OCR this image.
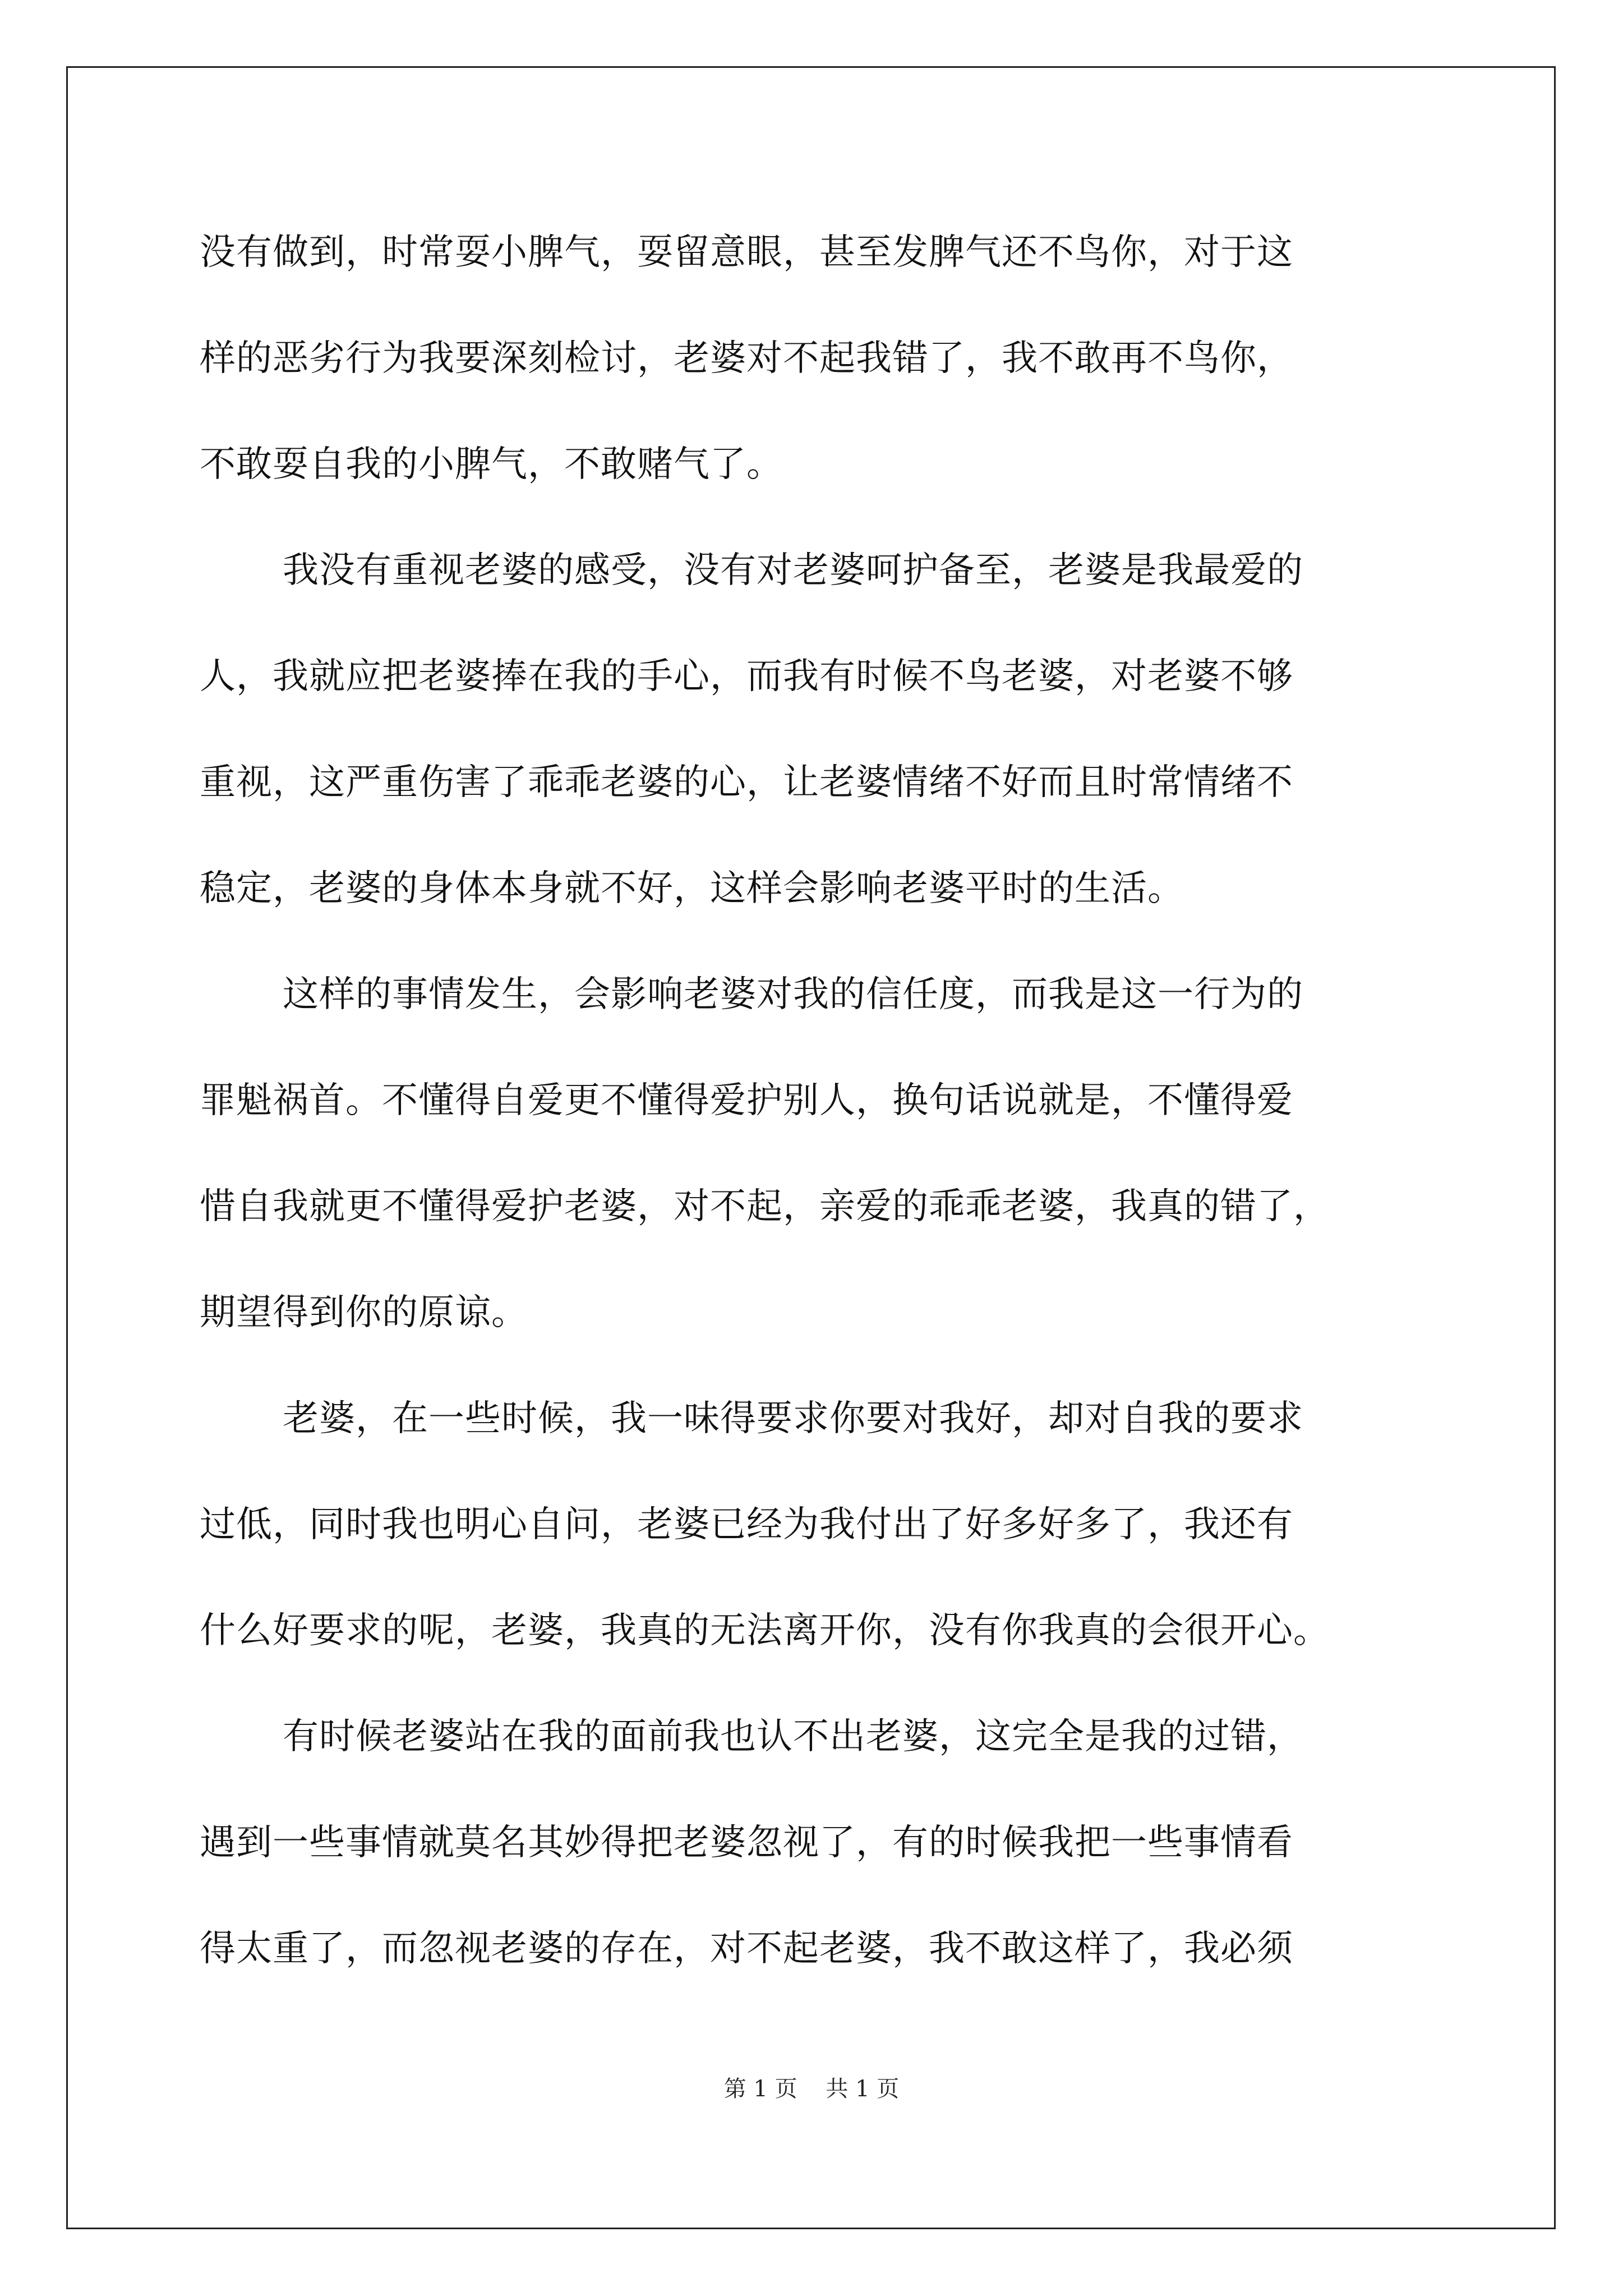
没有做到，时常耍小脾气，耍留意眼，甚至发脾气还不鸟你，对于这
样的恶劣行为我要深刻检讨，老婆对不起我错了，我不敢再不鸟你，
不敢耍自我的小脾气，不敢赌气了。
我没有重视老婆的感受，没有对老婆呵护备至，老婆是我最爱的
人，我就应把老婆捧在我的手心，而我有时候不鸟老婆，对老婆不够
重视，这严重伤害了乖乖老婆的心，让老婆情绪不好而且时常情绪不
稳定，老婆的身体本身就不好，这样会影响老婆平时的生活。
这样的事情发生，会影响老婆对我的信任度，而我是这一行为的
罪魁祸首。不懂得自爱更不懂得爱护别人，换句话说就是，不懂得爱
惜自我就更不懂得爱护老婆，对不起，亲爱的乖乖老婆，我真的错了，
期望得到你的原谅。
老婆，在一些时候，我一味得要求你要对我好，却对自我的要求
过低，同时我也明心自问，老婆已经为我付出了好多好多了，我还有
什么好要求的呢，老婆，我真的无法离开你，没有你我真的会很开心。
有时候老婆站在我的面前我也认不出老婆，这完全是我的过错，
遇到一些事情就莫名其妙得把老婆忽视了，有的时候我把一些事情看
得太重了，而忽视老婆的存在，对不起老婆，我不敢这样了，我必须
第 1 页    共 1 页
